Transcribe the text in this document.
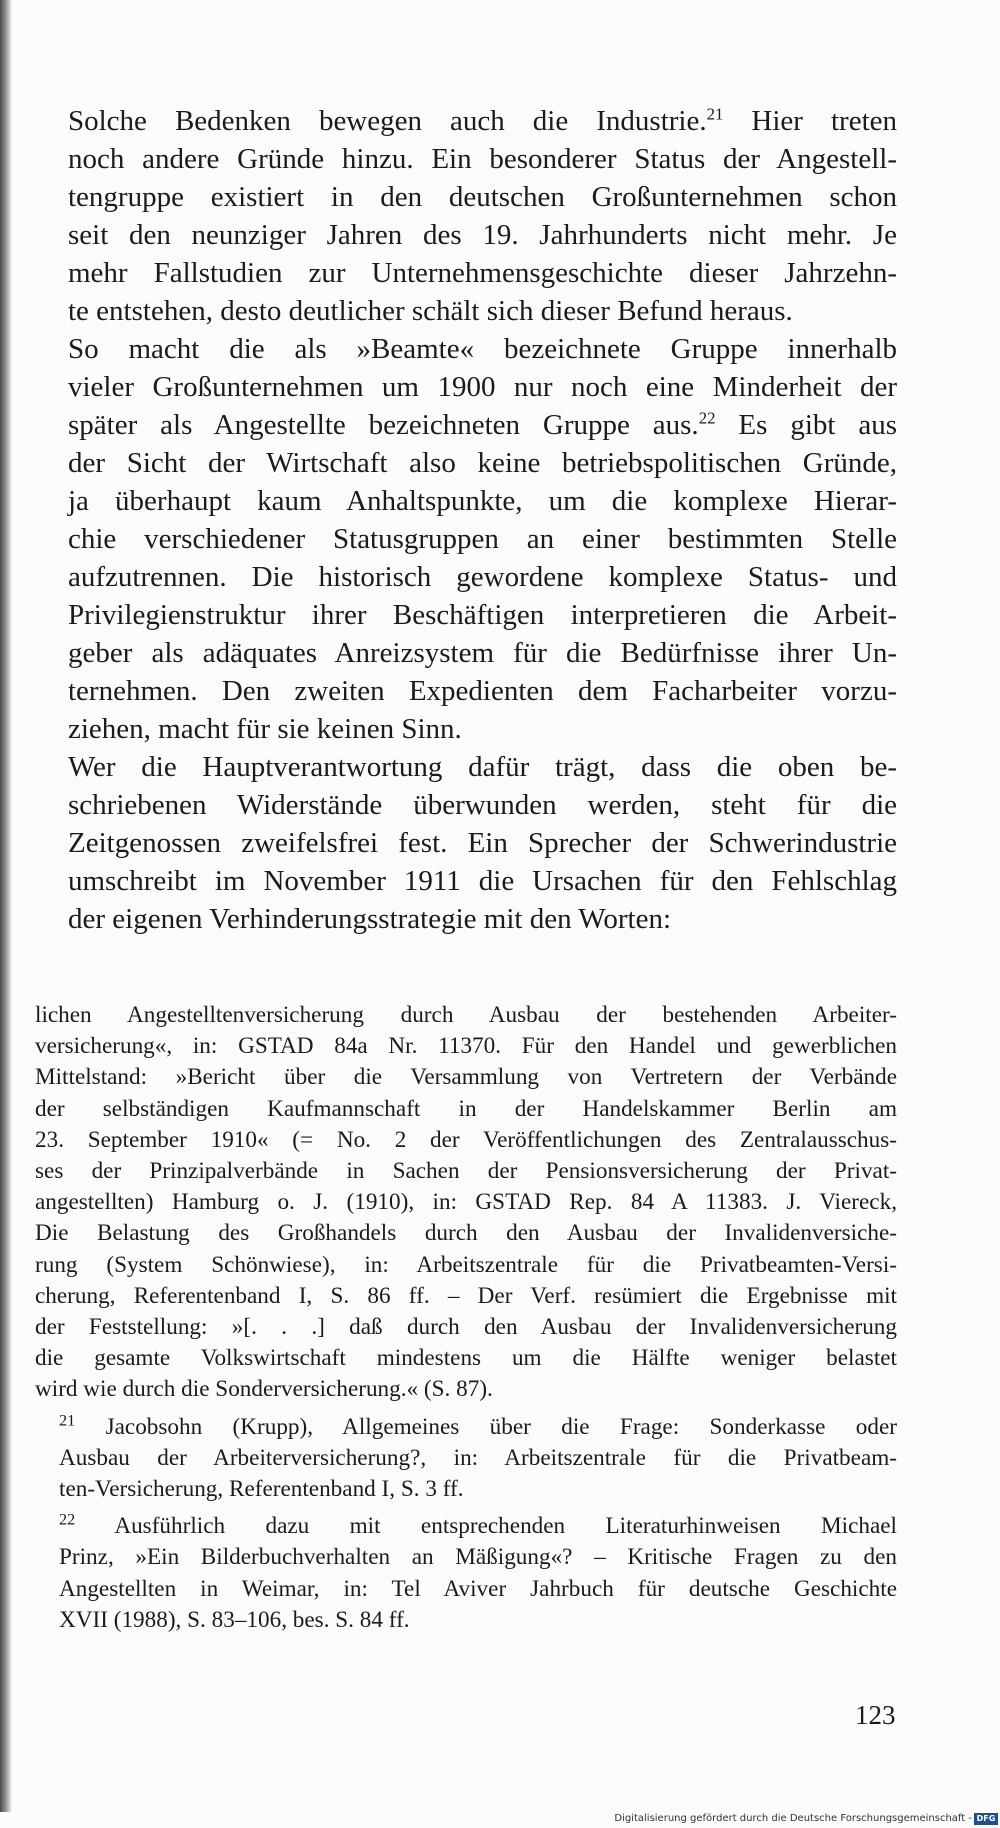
Solche Bedenken bewegen auch die Industrie.$^{21}$ Hier treten
noch andere Gründe hinzu. Ein besonderer Status der Angestell-
tengruppe existiert in den deutschen Großunternehmen schon
seit den neunziger Jahren des 19. Jahrhunderts nicht mehr. Je
mehr Fallstudien zur Unternehmensgeschichte dieser Jahrzehn-
te entstehen, desto deutlicher schält sich dieser Befund heraus.

So macht die als »Beamte« bezeichnete Gruppe innerhalb
vieler Großunternehmen um 1900 nur noch eine Minderheit der
später als Angestellte bezeichneten Gruppe aus.$^{22}$ Es gibt aus
der Sicht der Wirtschaft also keine betriebspolitischen Gründe,
ja überhaupt kaum Anhaltspunkte, um die komplexe Hierar-
chie verschiedener Statusgruppen an einer bestimmten Stelle
aufzutrennen. Die historisch gewordene komplexe Status- und
Privilegienstruktur ihrer Beschäftigen interpretieren die Arbeit-
geber als adäquates Anreizsystem für die Bedürfnisse ihrer Un-
ternehmen. Den zweiten Expedienten dem Facharbeiter vorzu-
ziehen, macht für sie keinen Sinn.

Wer die Hauptverantwortung dafür trägt, dass die oben be-
schriebenen Widerstände überwunden werden, steht für die
Zeitgenossen zweifelsfrei fest. Ein Sprecher der Schwerindustrie
umschreibt im November 1911 die Ursachen für den Fehlschlag
der eigenen Verhinderungsstrategie mit den Worten:

lichen Angestelltenversicherung durch Ausbau der bestehenden Arbeiter-
versicherung«, in: GSTAD 84a Nr. 11370. Für den Handel und gewerblichen
Mittelstand: »Bericht über die Versammlung von Vertretern der Verbände
der selbständigen Kaufmannschaft in der Handelskammer Berlin am
23. September 1910« (= No. 2 der Veröffentlichungen des Zentralausschus-
ses der Prinzipalverbände in Sachen der Pensionsversicherung der Privat-
angestellten) Hamburg o. J. (1910), in: GSTAD Rep. 84 A 11383. J. Viereck,
Die Belastung des Großhandels durch den Ausbau der Invalidenversiche-
rung (System Schönwiese), in: Arbeitszentrale für die Privatbeamten-Versi-
cherung, Referentenband I, S. 86 ff. – Der Verf. resümiert die Ergebnisse mit
der Feststellung: »[. . .] daß durch den Ausbau der Invalidenversicherung
die gesamte Volkswirtschaft mindestens um die Hälfte weniger belastet
wird wie durch die Sonderversicherung.« (S. 87).

$^{21}$ Jacobsohn (Krupp), Allgemeines über die Frage: Sonderkasse oder
Ausbau der Arbeiterversicherung?, in: Arbeitszentrale für die Privatbeam-
ten-Versicherung, Referentenband I, S. 3 ff.

$^{22}$ Ausführlich dazu mit entsprechenden Literaturhinweisen Michael
Prinz, »Ein Bilderbuchverhalten an Mäßigung«? – Kritische Fragen zu den
Angestellten in Weimar, in: Tel Aviver Jahrbuch für deutsche Geschichte
XVII (1988), S. 83–106, bes. S. 84 ff.

123
Digitalisierung gefördert durch die Deutsche Forschungsgemeinschaft - DFG
